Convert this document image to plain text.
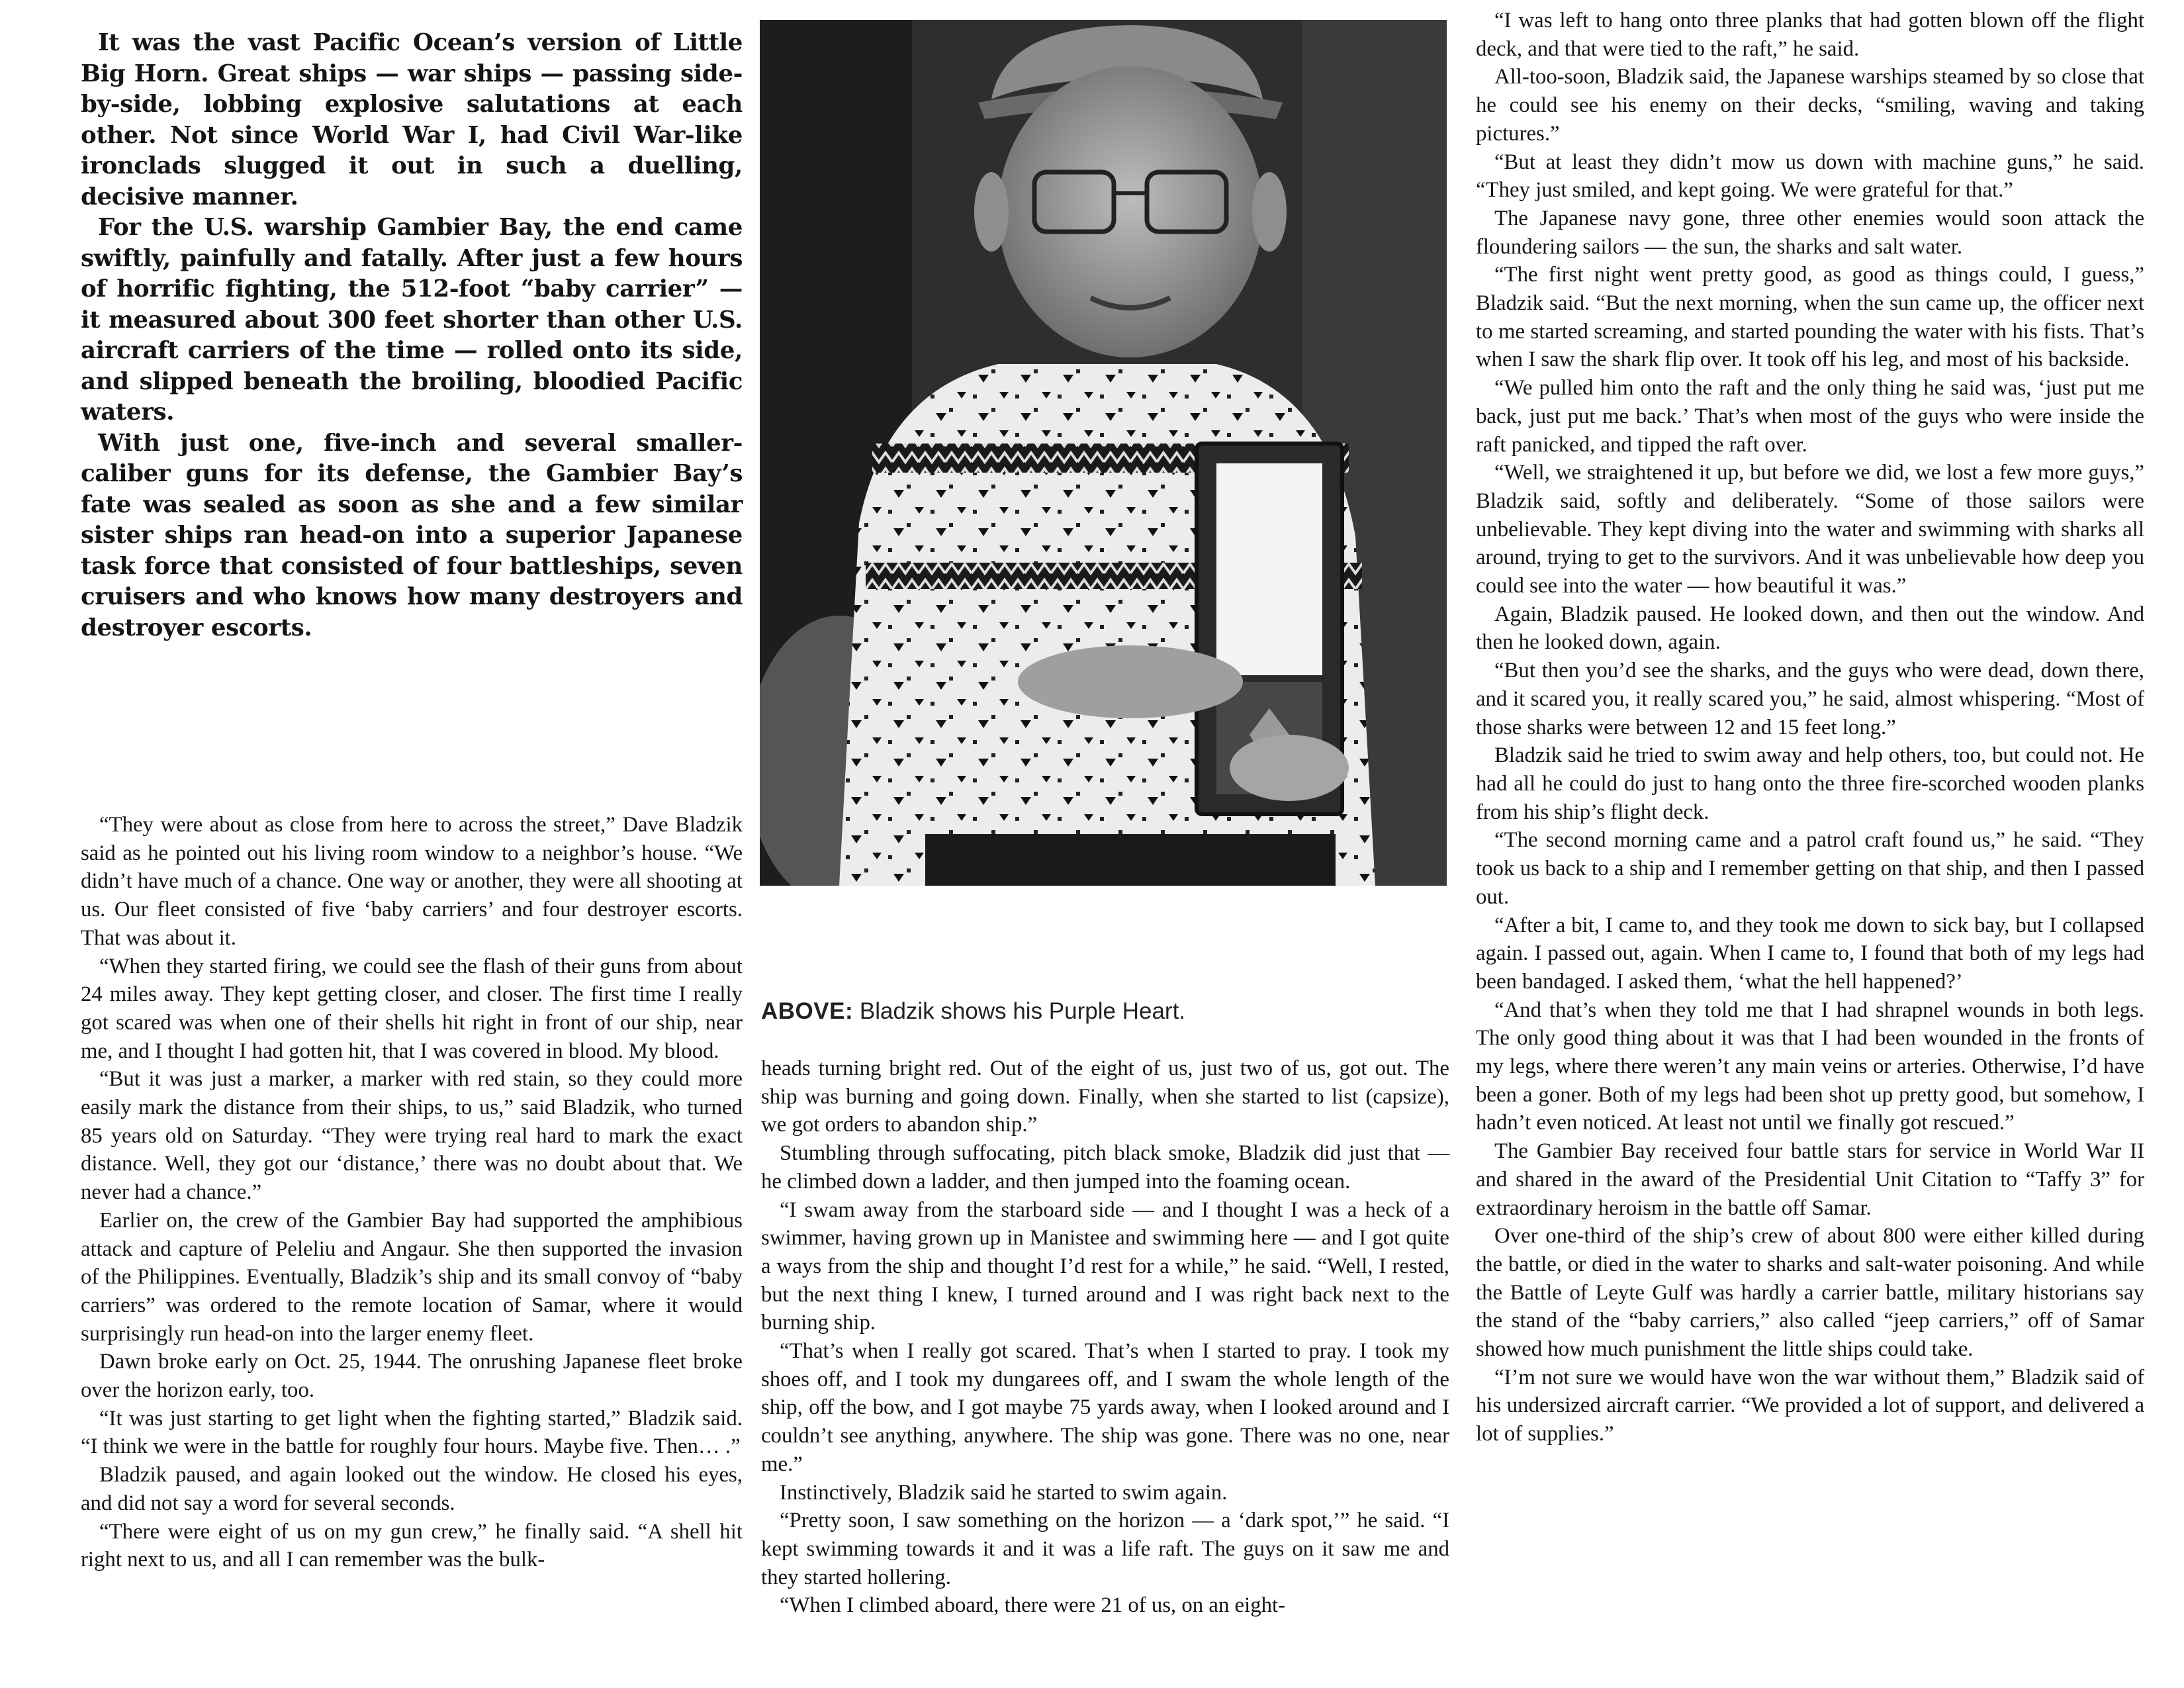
It was the vast Pacific Ocean’s version of Little Big Horn. Great ships — war ships — passing side-by-side, lobbing explosive salutations at each other. Not since World War I, had Civil War-like ironclads slugged it out in such a duelling, decisive manner.

For the U.S. warship Gambier Bay, the end came swiftly, painfully and fatally. After just a few hours of horrific fighting, the 512-foot “baby carrier” — it measured about 300 feet shorter than other U.S. aircraft carriers of the time — rolled onto its side, and slipped beneath the broiling, bloodied Pacific waters.

With just one, five-inch and several smaller-caliber guns for its defense, the Gambier Bay’s fate was sealed as soon as she and a few similar sister ships ran head-on into a superior Japanese task force that consisted of four battleships, seven cruisers and who knows how many destroyers and destroyer escorts.

ABOVE: Bladzik shows his Purple Heart.

“They were about as close from here to across the street,” Dave Bladzik said as he pointed out his living room window to a neighbor’s house. “We didn’t have much of a chance. One way or another, they were all shooting at us. Our fleet consisted of five ‘baby carriers’ and four destroyer escorts. That was about it.

“When they started firing, we could see the flash of their guns from about 24 miles away. They kept getting closer, and closer. The first time I really got scared was when one of their shells hit right in front of our ship, near me, and I thought I had gotten hit, that I was covered in blood. My blood.

“But it was just a marker, a marker with red stain, so they could more easily mark the distance from their ships, to us,” said Bladzik, who turned 85 years old on Saturday. “They were trying real hard to mark the exact distance. Well, they got our ‘distance,’ there was no doubt about that. We never had a chance.”

Earlier on, the crew of the Gambier Bay had supported the amphibious attack and capture of Peleliu and Angaur. She then supported the invasion of the Philippines. Eventually, Bladzik’s ship and its small convoy of “baby carriers” was ordered to the remote location of Samar, where it would surprisingly run head-on into the larger enemy fleet.

Dawn broke early on Oct. 25, 1944. The onrushing Japanese fleet broke over the horizon early, too.

“It was just starting to get light when the fighting started,” Bladzik said. “I think we were in the battle for roughly four hours. Maybe five. Then… .”

Bladzik paused, and again looked out the window. He closed his eyes, and did not say a word for several seconds.

“There were eight of us on my gun crew,” he finally said. “A shell hit right next to us, and all I can remember was the bulk-

heads turning bright red. Out of the eight of us, just two of us, got out. The ship was burning and going down. Finally, when she started to list (capsize), we got orders to abandon ship.”

Stumbling through suffocating, pitch black smoke, Bladzik did just that — he climbed down a ladder, and then jumped into the foaming ocean.

“I swam away from the starboard side — and I thought I was a heck of a swimmer, having grown up in Manistee and swimming here — and I got quite a ways from the ship and thought I’d rest for a while,” he said. “Well, I rested, but the next thing I knew, I turned around and I was right back next to the burning ship.

“That’s when I really got scared. That’s when I started to pray. I took my shoes off, and I took my dungarees off, and I swam the whole length of the ship, off the bow, and I got maybe 75 yards away, when I looked around and I couldn’t see anything, anywhere. The ship was gone. There was no one, near me.”

Instinctively, Bladzik said he started to swim again.

“Pretty soon, I saw something on the horizon — a ‘dark spot,’” he said. “I kept swimming towards it and it was a life raft. The guys on it saw me and they started hollering.

“When I climbed aboard, there were 21 of us, on an eight-

“I was left to hang onto three planks that had gotten blown off the flight deck, and that were tied to the raft,” he said.

All-too-soon, Bladzik said, the Japanese warships steamed by so close that he could see his enemy on their decks, “smiling, waving and taking pictures.”

“But at least they didn’t mow us down with machine guns,” he said. “They just smiled, and kept going. We were grateful for that.”

The Japanese navy gone, three other enemies would soon attack the floundering sailors — the sun, the sharks and salt water.

“The first night went pretty good, as good as things could, I guess,” Bladzik said. “But the next morning, when the sun came up, the officer next to me started screaming, and started pounding the water with his fists. That’s when I saw the shark flip over. It took off his leg, and most of his backside.

“We pulled him onto the raft and the only thing he said was, ‘just put me back, just put me back.’ That’s when most of the guys who were inside the raft panicked, and tipped the raft over.

“Well, we straightened it up, but before we did, we lost a few more guys,” Bladzik said, softly and deliberately. “Some of those sailors were unbelievable. They kept diving into the water and swimming with sharks all around, trying to get to the survivors. And it was unbelievable how deep you could see into the water — how beautiful it was.”

Again, Bladzik paused. He looked down, and then out the window. And then he looked down, again.

“But then you’d see the sharks, and the guys who were dead, down there, and it scared you, it really scared you,” he said, almost whispering. “Most of those sharks were between 12 and 15 feet long.”

Bladzik said he tried to swim away and help others, too, but could not. He had all he could do just to hang onto the three fire-scorched wooden planks from his ship’s flight deck.

“The second morning came and a patrol craft found us,” he said. “They took us back to a ship and I remember getting on that ship, and then I passed out.

“After a bit, I came to, and they took me down to sick bay, but I collapsed again. I passed out, again. When I came to, I found that both of my legs had been bandaged. I asked them, ‘what the hell happened?’

“And that’s when they told me that I had shrapnel wounds in both legs. The only good thing about it was that I had been wounded in the fronts of my legs, where there weren’t any main veins or arteries. Otherwise, I’d have been a goner. Both of my legs had been shot up pretty good, but somehow, I hadn’t even noticed. At least not until we finally got rescued.”

The Gambier Bay received four battle stars for service in World War II and shared in the award of the Presidential Unit Citation to “Taffy 3” for extraordinary heroism in the battle off Samar.

Over one-third of the ship’s crew of about 800 were either killed during the battle, or died in the water to sharks and salt-water poisoning. And while the Battle of Leyte Gulf was hardly a carrier battle, military historians say the stand of the “baby carriers,” also called “jeep carriers,” off of Samar showed how much punishment the little ships could take.

“I’m not sure we would have won the war without them,” Bladzik said of his undersized aircraft carrier. “We provided a lot of support, and delivered a lot of supplies.”
